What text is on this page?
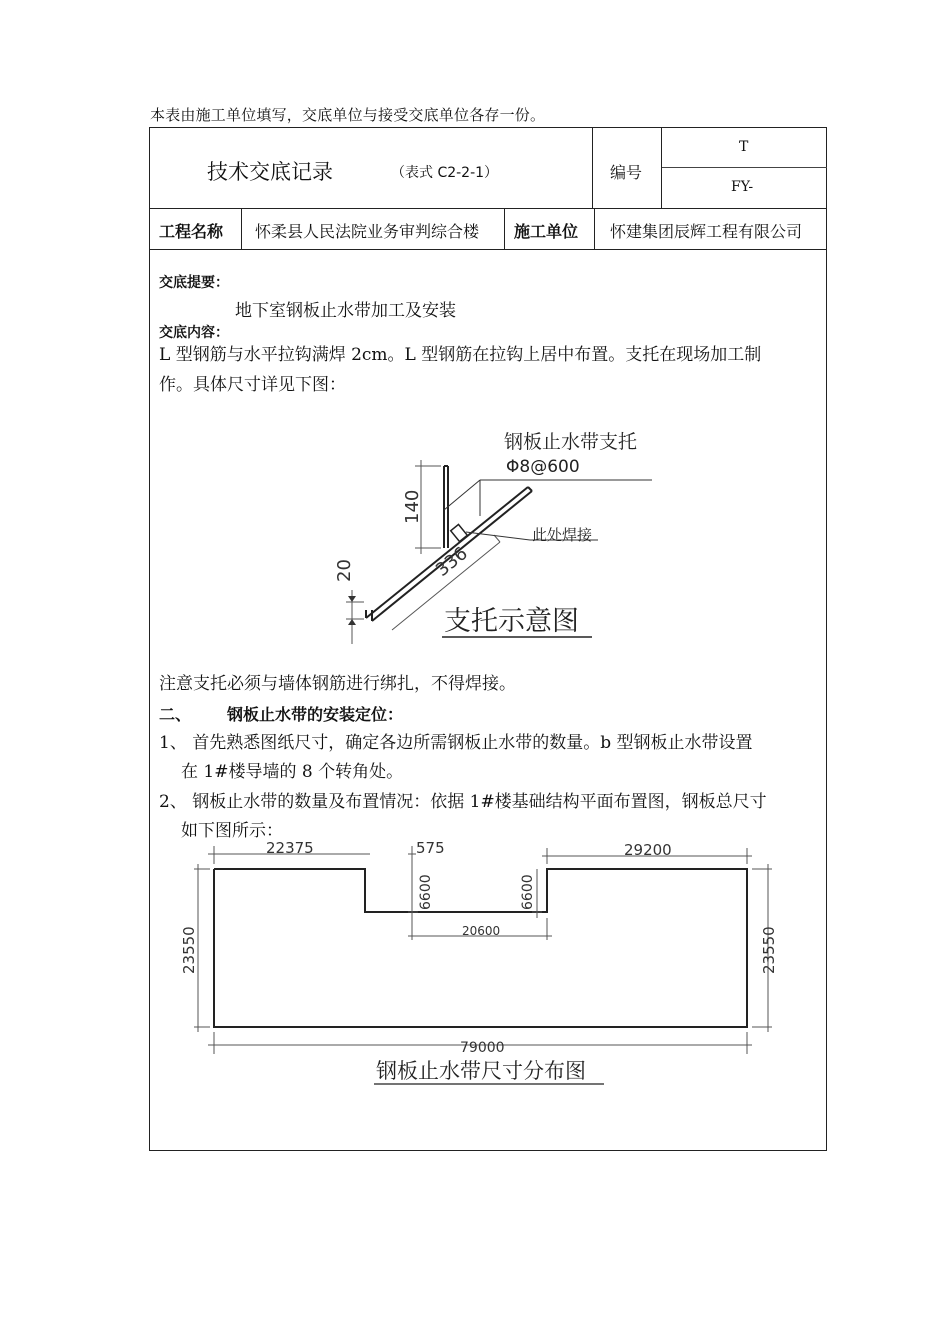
本表由施工单位填写，交底单位与接受交底单位各存一份。
技术交底记录	（表式 C2-2-1）	编号
T
FY-
工程名称 怀柔县人民法院业务审判综合楼 施工单位 怀建集团辰辉工程有限公司
交底提要：
地下室钢板止水带加工及安装
交底内容：
L 型钢筋与水平拉钩满焊 2cm。L 型钢筋在拉钩上居中布置。支托在现场加工制
作。具体尺寸详见下图：
140
20	336
钢板止水带支托
Φ8@600
此处焊接
支托示意图
注意支托必须与墙体钢筋进行绑扎，不得焊接。
二、 钢板止水带的安装定位：
1、 首先熟悉图纸尺寸，确定各边所需钢板止水带的数量。b 型钢板止水带设置
在 1#楼导墙的 8 个转角处。
2、 钢板止水带的数量及布置情况：依据 1#楼基础结构平面布置图，钢板总尺寸
如下图所示：
22375	575	29200
6600	6600
20600
23550	23550
79000
钢板止水带尺寸分布图
